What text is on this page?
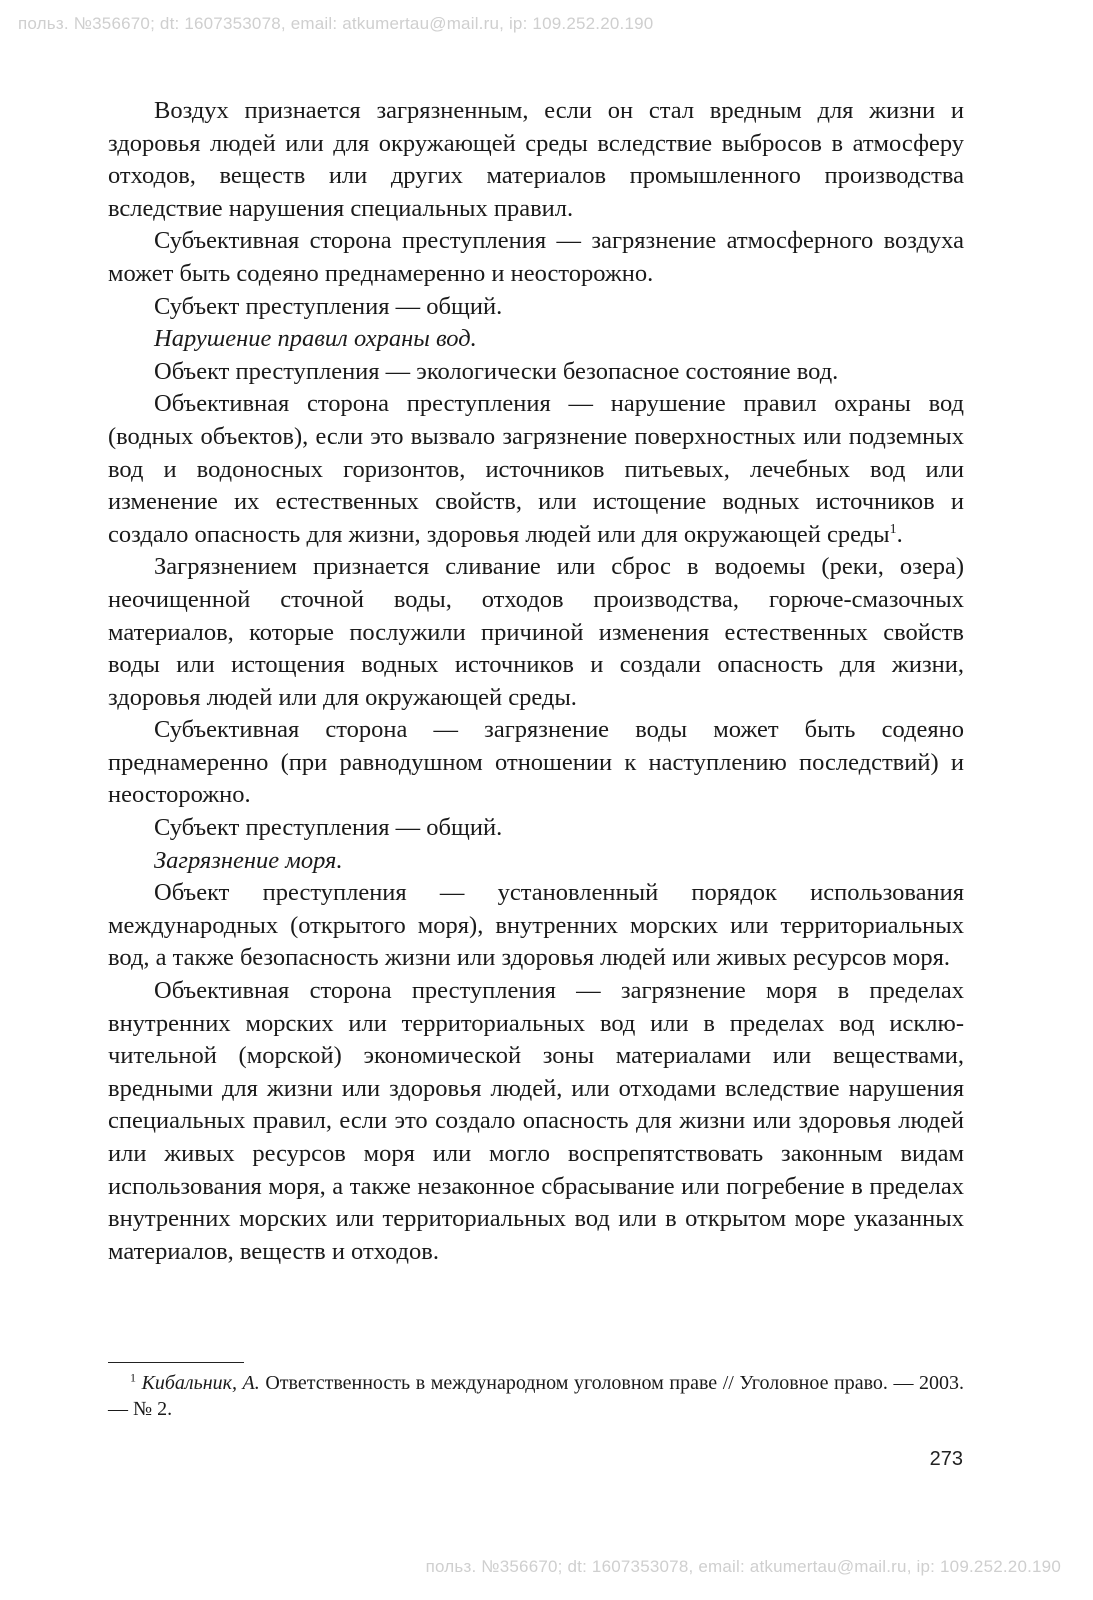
польз. №356670; dt: 1607353078, email: atkumertau@mail.ru, ip: 109.252.20.190

Воздух признается загрязненным, если он стал вредным для жизни и здоровья людей или для окружающей среды вследствие выбросов в атмосферу отходов, веществ или других материалов промышленного производства вследствие нарушения специальных правил.

Субъективная сторона преступления — загрязнение атмосферного воздуха может быть содеяно преднамеренно и неосторожно.

Субъект преступления — общий.

Нарушение правил охраны вод.

Объект преступления — экологически безопасное состояние вод.

Объективная сторона преступления — нарушение правил охраны вод (водных объектов), если это вызвало загрязнение поверхностных или подземных вод и водоносных горизонтов, источников питьевых, лечебных вод или изменение их естественных свойств, или истощение водных источников и создало опасность для жизни, здоровья людей или для окружающей среды$^1$.

Загрязнением признается сливание или сброс в водоемы (реки, озера) неочищенной сточной воды, отходов производства, горюче-смазочных материалов, которые послужили причиной изменения естественных свойств воды или истощения водных источников и создали опасность для жизни, здоровья людей или для окружающей среды.

Субъективная сторона — загрязнение воды может быть содеяно преднамеренно (при равнодушном отношении к наступлению последствий) и неосторожно.

Субъект преступления — общий.

Загрязнение моря.

Объект преступления — установленный порядок использования международных (открытого моря), внутренних морских или территориальных вод, а также безопасность жизни или здоровья людей или живых ресурсов моря.

Объективная сторона преступления — загрязнение моря в пределах внутренних морских или территориальных вод или в пределах вод исключительной (морской) экономической зоны материалами или веществами, вредными для жизни или здоровья людей, или отходами вследствие нарушения специальных правил, если это создало опасность для жизни или здоровья людей или живых ресурсов моря или могло воспрепятствовать законным видам использования моря, а также незаконное сбрасывание или погребение в пределах внутренних морских или территориальных вод или в открытом море указанных материалов, веществ и отходов.

$^1$ Кибальник, А. Ответственность в международном уголовном праве // Уголовное право. — 2003. — № 2.

273
польз. №356670; dt: 1607353078, email: atkumertau@mail.ru, ip: 109.252.20.190
